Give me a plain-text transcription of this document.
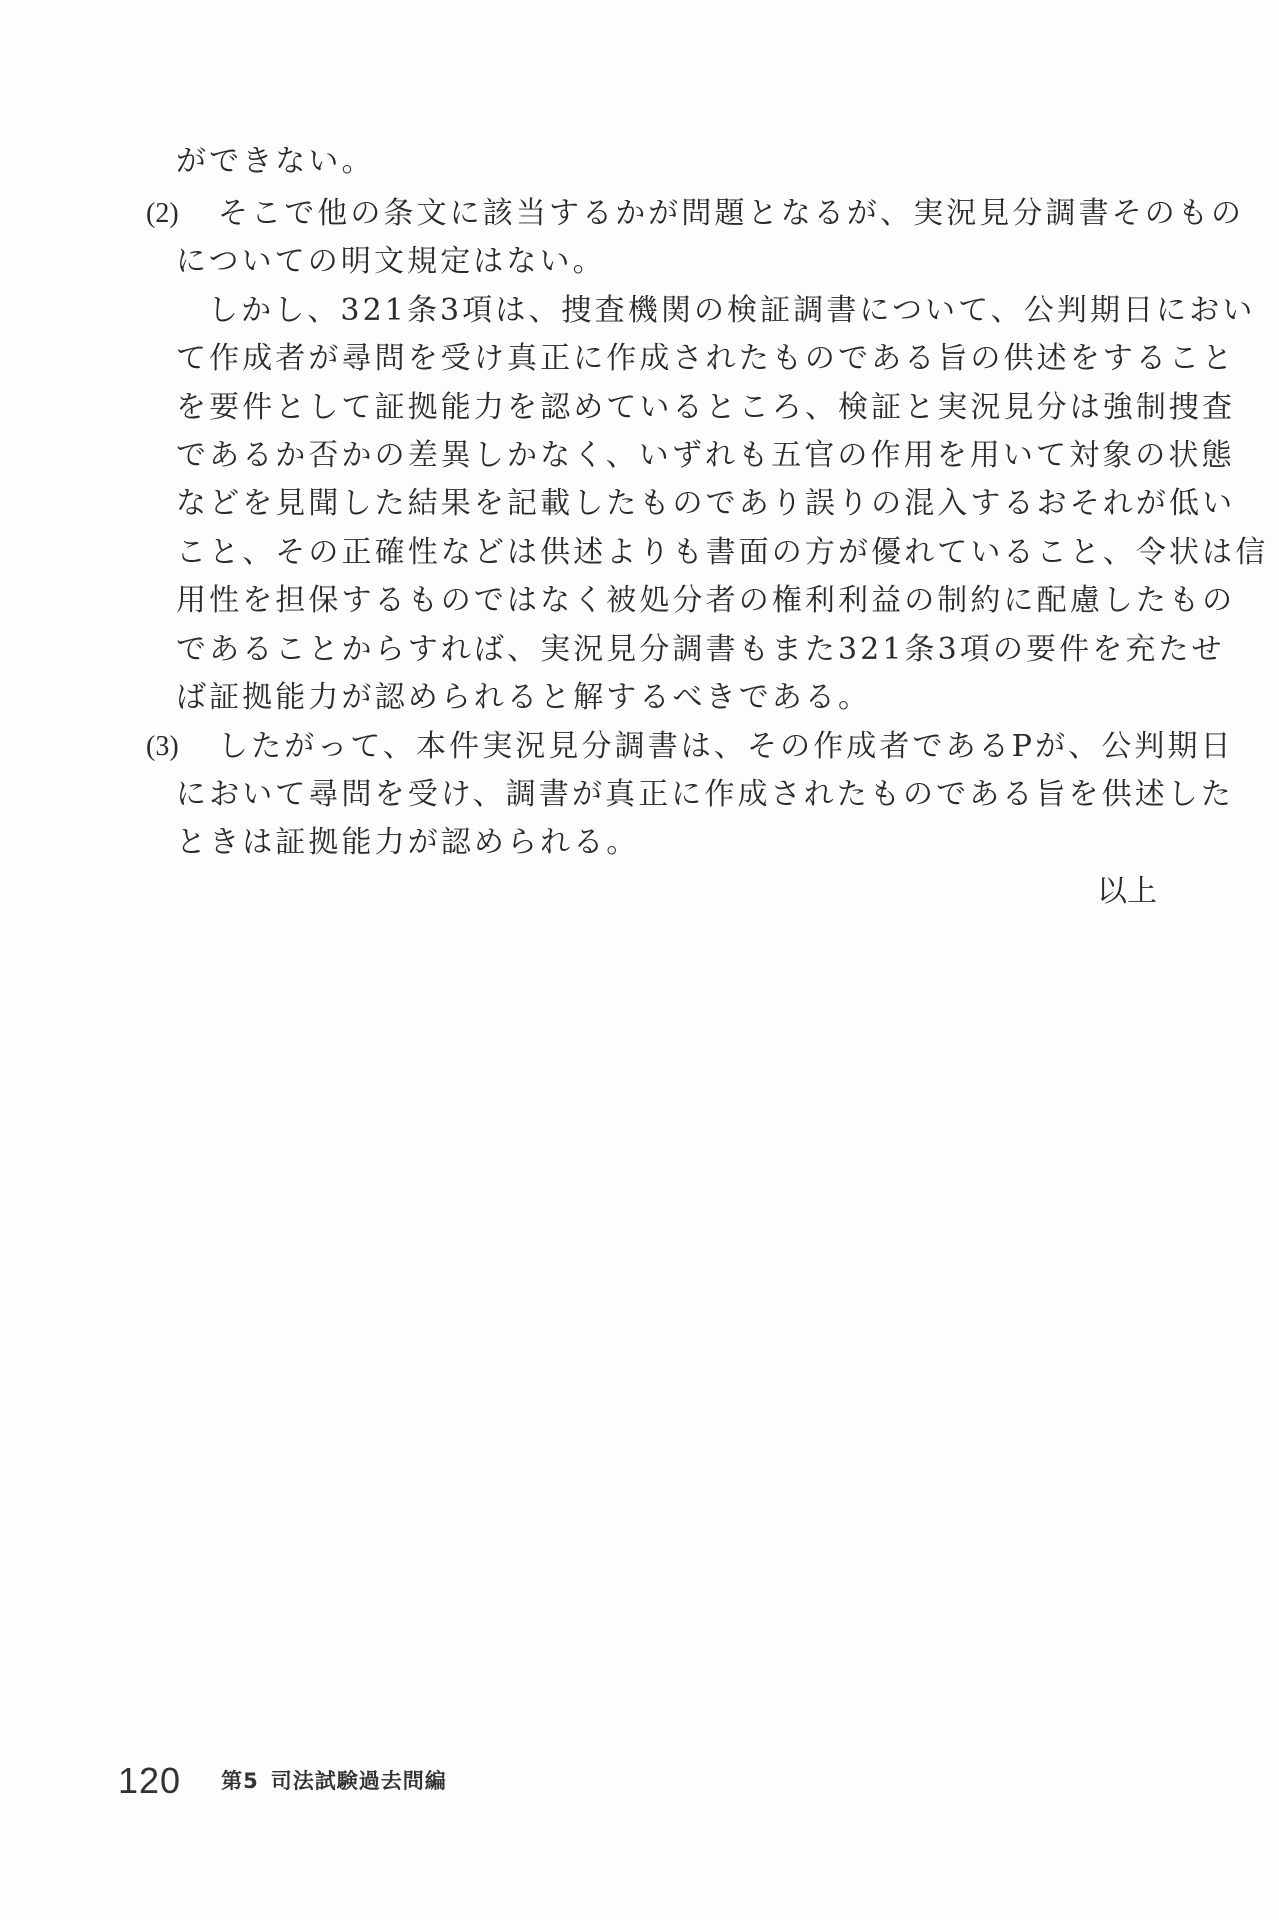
ができない。
(2) そこで他の条文に該当するかが問題となるが、実況見分調書そのもの
についての明文規定はない。
しかし、321条3項は、捜査機関の検証調書について、公判期日におい
て作成者が尋問を受け真正に作成されたものである旨の供述をすること
を要件として証拠能力を認めているところ、検証と実況見分は強制捜査
であるか否かの差異しかなく、いずれも五官の作用を用いて対象の状態
などを見聞した結果を記載したものであり誤りの混入するおそれが低い
こと、その正確性などは供述よりも書面の方が優れていること、令状は信
用性を担保するものではなく被処分者の権利利益の制約に配慮したもの
であることからすれば、実況見分調書もまた321条3項の要件を充たせ
ば証拠能力が認められると解するべきである。
(3) したがって、本件実況見分調書は、その作成者であるPが、公判期日
において尋問を受け、調書が真正に作成されたものである旨を供述した
ときは証拠能力が認められる。
以上
120 第5 司法試験過去問編
